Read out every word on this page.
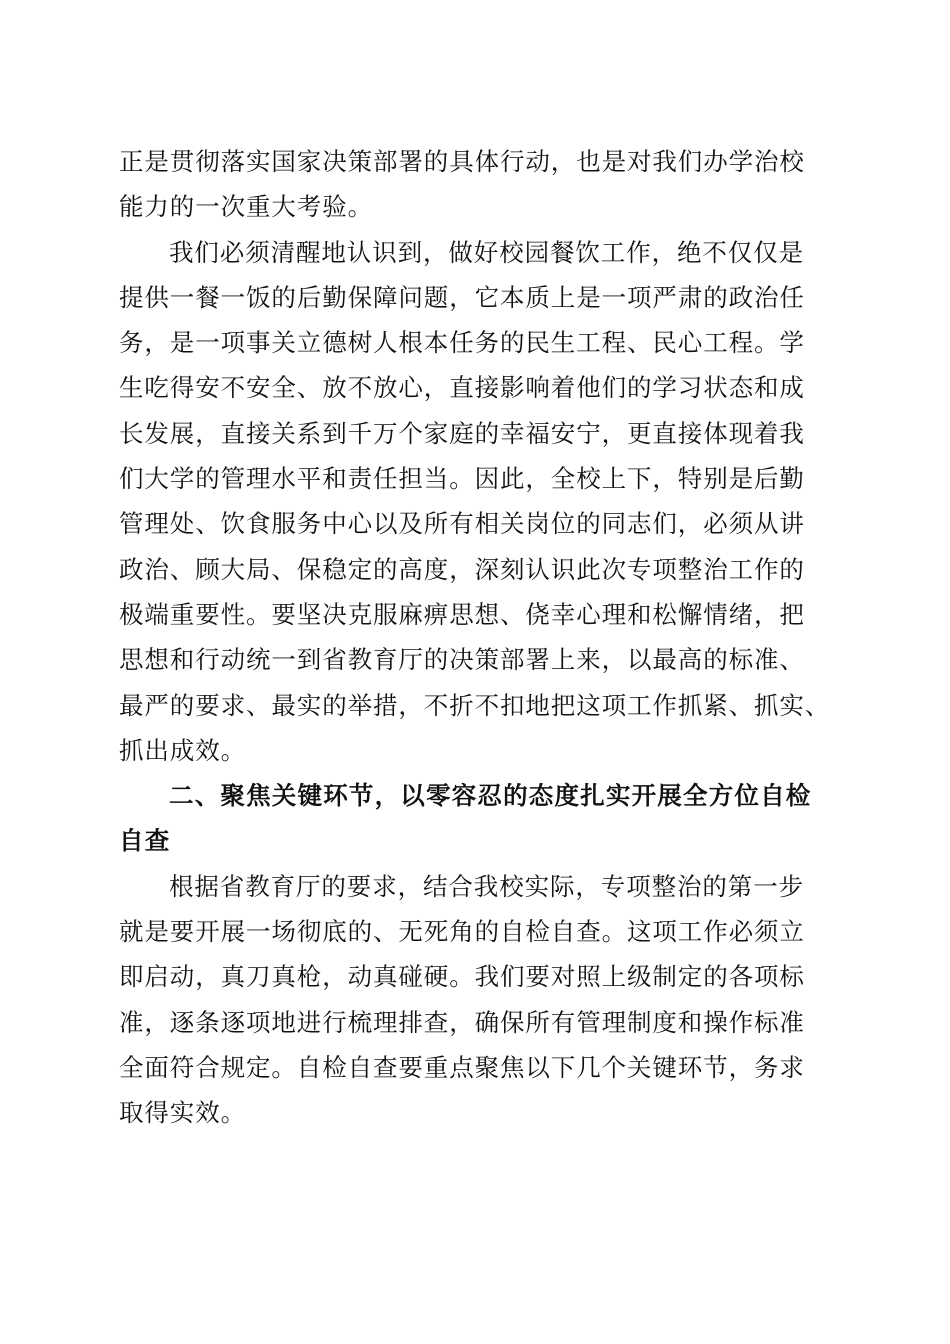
正是贯彻落实国家决策部署的具体行动，也是对我们办学治校
能力的一次重大考验。
我们必须清醒地认识到，做好校园餐饮工作，绝不仅仅是
提供一餐一饭的后勤保障问题，它本质上是一项严肃的政治任
务，是一项事关立德树人根本任务的民生工程、民心工程。学
生吃得安不安全、放不放心，直接影响着他们的学习状态和成
长发展，直接关系到千万个家庭的幸福安宁，更直接体现着我
们大学的管理水平和责任担当。因此，全校上下，特别是后勤
管理处、饮食服务中心以及所有相关岗位的同志们，必须从讲
政治、顾大局、保稳定的高度，深刻认识此次专项整治工作的
极端重要性。要坚决克服麻痹思想、侥幸心理和松懈情绪，把
思想和行动统一到省教育厅的决策部署上来，以最高的标准、
最严的要求、最实的举措，不折不扣地把这项工作抓紧、抓实、
抓出成效。
二、聚焦关键环节，以零容忍的态度扎实开展全方位自检
自查
根据省教育厅的要求，结合我校实际，专项整治的第一步
就是要开展一场彻底的、无死角的自检自查。这项工作必须立
即启动，真刀真枪，动真碰硬。我们要对照上级制定的各项标
准，逐条逐项地进行梳理排查，确保所有管理制度和操作标准
全面符合规定。自检自查要重点聚焦以下几个关键环节，务求
取得实效。
